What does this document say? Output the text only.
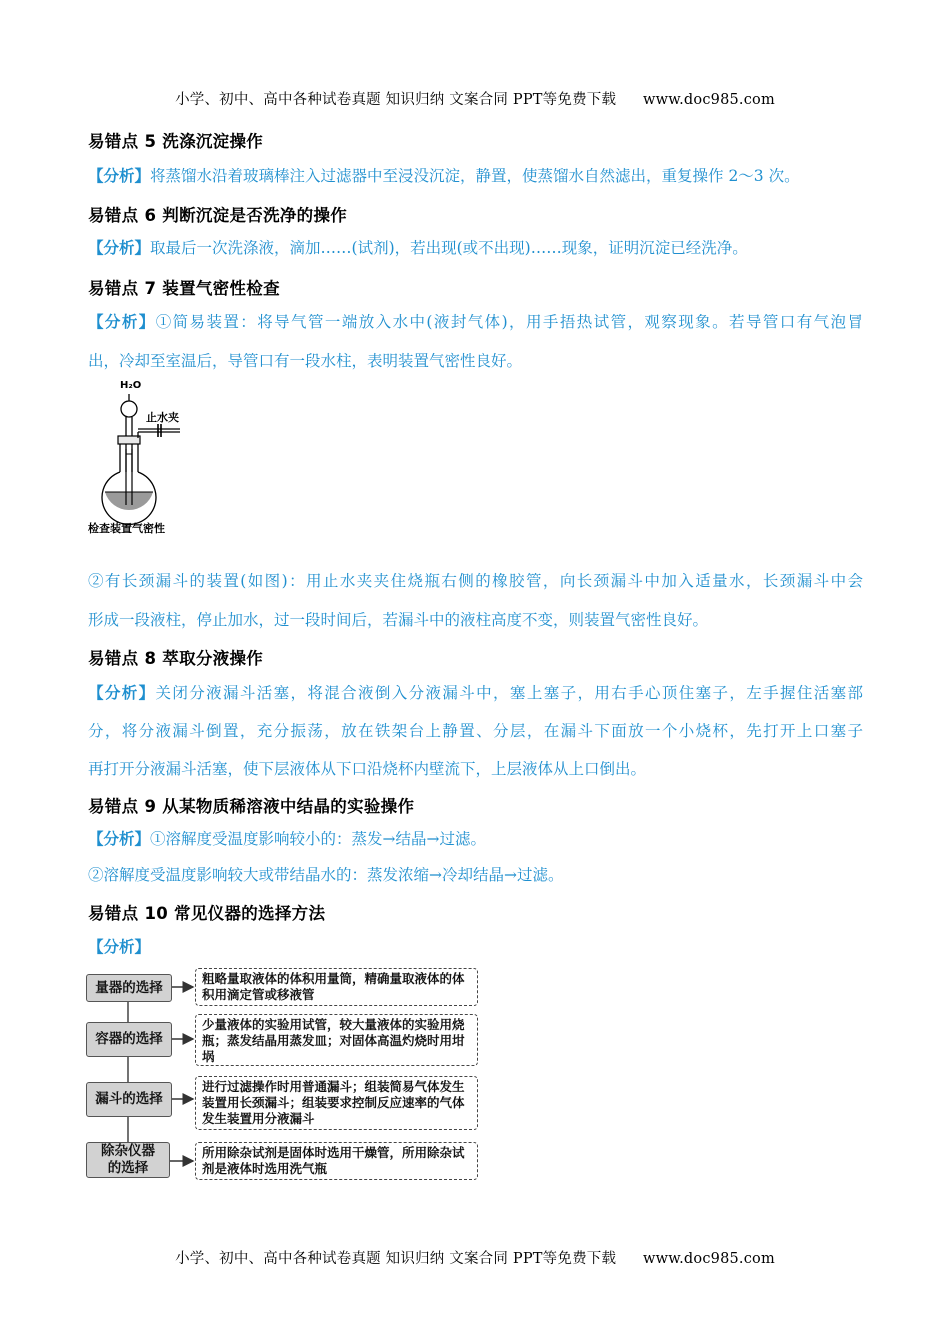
小学、初中、高中各种试卷真题 知识归纳 文案合同 PPT等免费下载 www.doc985.com
易错点 5 洗涤沉淀操作
【分析】将蒸馏水沿着玻璃棒注入过滤器中至浸没沉淀，静置，使蒸馏水自然滤出，重复操作 2～3 次。
易错点 6 判断沉淀是否洗净的操作
【分析】取最后一次洗涤液，滴加……(试剂)，若出现(或不出现)……现象，证明沉淀已经洗净。
易错点 7 装置气密性检查
【分析】①简易装置：将导气管一端放入水中(液封气体)，用手捂热试管，观察现象。若导管口有气泡冒
出，冷却至室温后，导管口有一段水柱，表明装置气密性良好。
H₂O
止水夹
检查装置气密性
②有长颈漏斗的装置(如图)：用止水夹夹住烧瓶右侧的橡胶管，向长颈漏斗中加入适量水，长颈漏斗中会
形成一段液柱，停止加水，过一段时间后，若漏斗中的液柱高度不变，则装置气密性良好。
易错点 8 萃取分液操作
【分析】关闭分液漏斗活塞，将混合液倒入分液漏斗中，塞上塞子，用右手心顶住塞子，左手握住活塞部
分，将分液漏斗倒置，充分振荡，放在铁架台上静置、分层，在漏斗下面放一个小烧杯，先打开上口塞子
再打开分液漏斗活塞，使下层液体从下口沿烧杯内壁流下，上层液体从上口倒出。
易错点 9 从某物质稀溶液中结晶的实验操作
【分析】①溶解度受温度影响较小的：蒸发→结晶→过滤。
②溶解度受温度影响较大或带结晶水的：蒸发浓缩→冷却结晶→过滤。
易错点 10 常见仪器的选择方法
【分析】
量器的选择
粗略量取液体的体积用量筒，精确量取液体的体积用滴定管或移液管
容器的选择
少量液体的实验用试管，较大量液体的实验用烧瓶；蒸发结晶用蒸发皿；对固体高温灼烧时用坩埚
漏斗的选择
进行过滤操作时用普通漏斗；组装简易气体发生装置用长颈漏斗；组装要求控制反应速率的气体发生装置用分液漏斗
除杂仪器的选择
所用除杂试剂是固体时选用干燥管，所用除杂试剂是液体时选用洗气瓶
小学、初中、高中各种试卷真题 知识归纳 文案合同 PPT等免费下载 www.doc985.com
